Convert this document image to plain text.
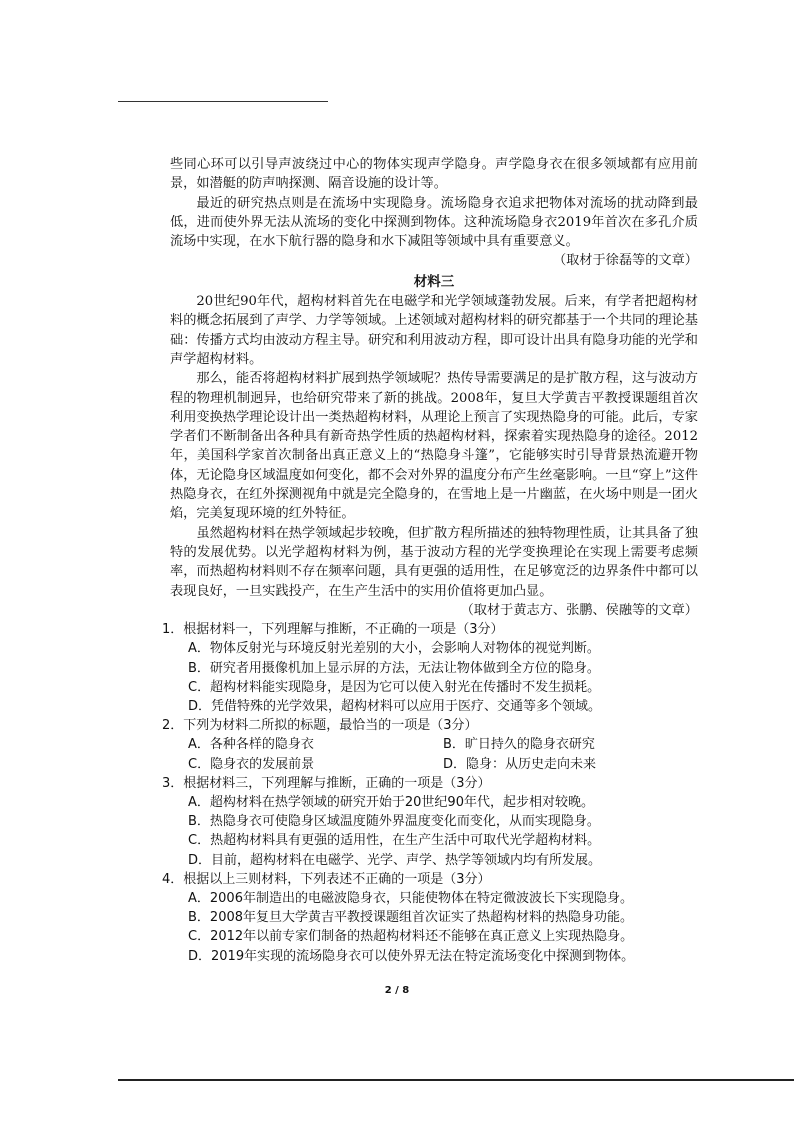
些同心环可以引导声波绕过中心的物体实现声学隐身。声学隐身衣在很多领域都有应用前景，如潜艇的防声呐探测、隔音设施的设计等。

最近的研究热点则是在流场中实现隐身。流场隐身衣追求把物体对流场的扰动降到最低，进而使外界无法从流场的变化中探测到物体。这种流场隐身衣2019年首次在多孔介质流场中实现，在水下航行器的隐身和水下减阻等领域中具有重要意义。

（取材于徐磊等的文章）

材料三

20世纪90年代，超构材料首先在电磁学和光学领域蓬勃发展。后来，有学者把超构材料的概念拓展到了声学、力学等领域。上述领域对超构材料的研究都基于一个共同的理论基础：传播方式均由波动方程主导。研究和利用波动方程，即可设计出具有隐身功能的光学和声学超构材料。

那么，能否将超构材料扩展到热学领域呢？热传导需要满足的是扩散方程，这与波动方程的物理机制迥异，也给研究带来了新的挑战。2008年，复旦大学黄吉平教授课题组首次利用变换热学理论设计出一类热超构材料，从理论上预言了实现热隐身的可能。此后，专家学者们不断制备出各种具有新奇热学性质的热超构材料，探索着实现热隐身的途径。2012年，美国科学家首次制备出真正意义上的“热隐身斗篷”，它能够实时引导背景热流避开物体，无论隐身区域温度如何变化，都不会对外界的温度分布产生丝毫影响。一旦“穿上”这件热隐身衣，在红外探测视角中就是完全隐身的，在雪地上是一片幽蓝，在火场中则是一团火焰，完美复现环境的红外特征。

虽然超构材料在热学领域起步较晚，但扩散方程所描述的独特物理性质，让其具备了独特的发展优势。以光学超构材料为例，基于波动方程的光学变换理论在实现上需要考虑频率，而热超构材料则不存在频率问题，具有更强的适用性，在足够宽泛的边界条件中都可以表现良好，一旦实践投产，在生产生活中的实用价值将更加凸显。

（取材于黄志方、张鹏、侯融等的文章）

1．根据材料一，下列理解与推断，不正确的一项是（3分）

A．物体反射光与环境反射光差别的大小，会影响人对物体的视觉判断。

B．研究者用摄像机加上显示屏的方法，无法让物体做到全方位的隐身。

C．超构材料能实现隐身，是因为它可以使入射光在传播时不发生损耗。

D．凭借特殊的光学效果，超构材料可以应用于医疗、交通等多个领域。

2．下列为材料二所拟的标题，最恰当的一项是（3分）

A．各种各样的隐身衣	B．旷日持久的隐身衣研究
C．隐身衣的发展前景	D．隐身：从历史走向未来

3．根据材料三，下列理解与推断，正确的一项是（3分）

A．超构材料在热学领域的研究开始于20世纪90年代，起步相对较晚。

B．热隐身衣可使隐身区域温度随外界温度变化而变化，从而实现隐身。

C．热超构材料具有更强的适用性，在生产生活中可取代光学超构材料。

D．目前，超构材料在电磁学、光学、声学、热学等领域内均有所发展。

4．根据以上三则材料，下列表述不正确的一项是（3分）

A．2006年制造出的电磁波隐身衣，只能使物体在特定微波波长下实现隐身。

B．2008年复旦大学黄吉平教授课题组首次证实了热超构材料的热隐身功能。

C．2012年以前专家们制备的热超构材料还不能够在真正意义上实现热隐身。

D．2019年实现的流场隐身衣可以使外界无法在特定流场变化中探测到物体。

2 / 8
